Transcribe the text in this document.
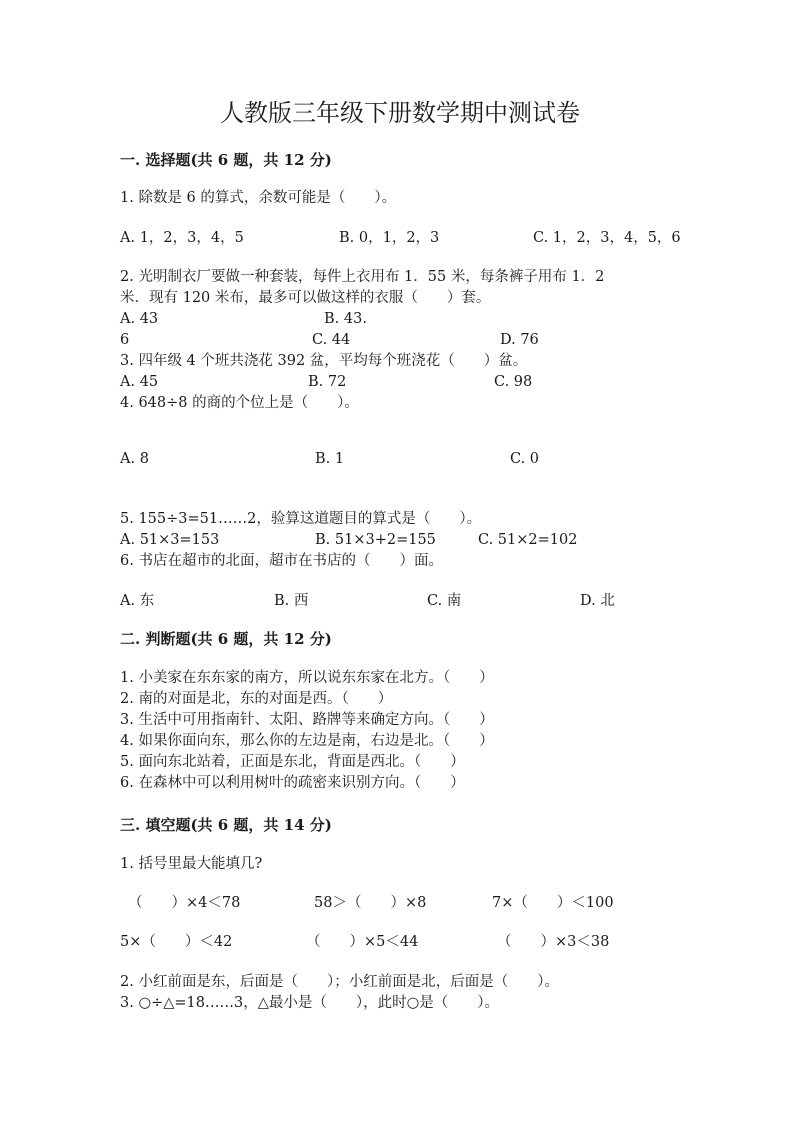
人教版三年级下册数学期中测试卷
一. 选择题(共 6 题，共 12 分)
1. 除数是 6 的算式，余数可能是（　　）。
A. 1，2，3，4，5	B. 0，1，2，3	C. 1，2，3，4，5，6
2. 光明制衣厂要做一种套装，每件上衣用布 1．55 米，每条裤子用布 1．2
米．现有 120 米布，最多可以做这样的衣服（　　）套。
A. 43	B. 43.
6	C. 44	D. 76
3. 四年级 4 个班共浇花 392 盆，平均每个班浇花（　　）盆。
A. 45	B. 72	C. 98
4. 648÷8 的商的个位上是（　　）。
A. 8	B. 1	C. 0
5. 155÷3=51……2，验算这道题目的算式是（　　）。
A. 51×3=153	B. 51×3+2=155	C. 51×2=102
6. 书店在超市的北面，超市在书店的（　　）面。
A. 东	B. 西	C. 南	D. 北
二. 判断题(共 6 题，共 12 分)
1. 小美家在东东家的南方，所以说东东家在北方。（　　）
2. 南的对面是北，东的对面是西。（　　）
3. 生活中可用指南针、太阳、路牌等来确定方向。（　　）
4. 如果你面向东，那么你的左边是南，右边是北。（　　）
5. 面向东北站着，正面是东北，背面是西北。（　　）
6. 在森林中可以利用树叶的疏密来识别方向。（　　）
三. 填空题(共 6 题，共 14 分)
1. 括号里最大能填几?
（　　）×4＜78	58＞（　　）×8	7×（　　）＜100
5×（　　）＜42	（　　）×5＜44	（　　）×3＜38
2. 小红前面是东，后面是（　　）；小红前面是北，后面是（　　）。
3. ○÷△=18……3，△最小是（　　），此时○是（　　）。
